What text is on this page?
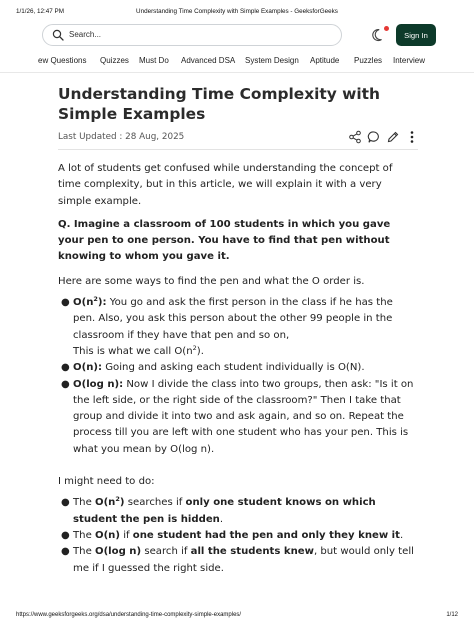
1/1/26, 12:47 PM	Understanding Time Complexity with Simple Examples - GeeksforGeeks
Search...	Sign In
ew Questions Quizzes Must Do Advanced DSA System Design Aptitude Puzzles Interview
Understanding Time Complexity with Simple Examples
Last Updated : 28 Aug, 2025

A lot of students get confused while understanding the concept of time complexity, but in this article, we will explain it with a very simple example.

Q. Imagine a classroom of 100 students in which you gave your pen to one person. You have to find that pen without knowing to whom you gave it.

Here are some ways to find the pen and what the O order is.

● $O(n^2)$: You go and ask the first person in the class if he has the pen. Also, you ask this person about the other 99 people in the classroom if they have that pen and so on,
This is what we call $O(n^2)$.
● O(n): Going and asking each student individually is O(N).
● O(log n): Now I divide the class into two groups, then ask: "Is it on the left side, or the right side of the classroom?" Then I take that group and divide it into two and ask again, and so on. Repeat the process till you are left with one student who has your pen. This is what you mean by O(log n).

I might need to do:

● The $O(n^2)$ searches if only one student knows on which student the pen is hidden.
● The O(n) if one student had the pen and only they knew it.
● The O(log n) search if all the students knew, but would only tell me if I guessed the right side.
https://www.geeksforgeeks.org/dsa/understanding-time-complexity-simple-examples/	1/12
